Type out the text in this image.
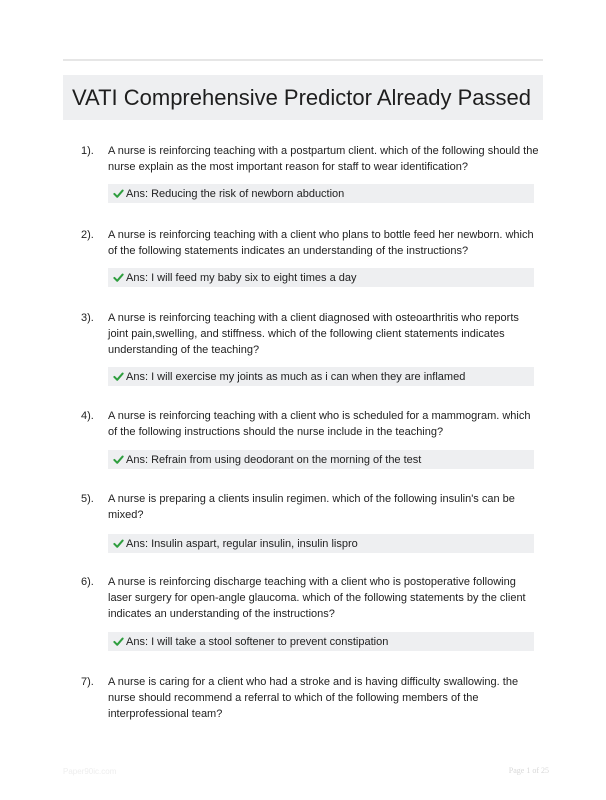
VATI Comprehensive Predictor Already Passed
1). A nurse is reinforcing teaching with a postpartum client. which of the following should the nurse explain as the most important reason for staff to wear identification?

Ans: Reducing the risk of newborn abduction
2). A nurse is reinforcing teaching with a client who plans to bottle feed her newborn. which of the following statements indicates an understanding of the instructions?

Ans: I will feed my baby six to eight times a day
3). A nurse is reinforcing teaching with a client diagnosed with osteoarthritis who reports joint pain,swelling, and stiffness. which of the following client statements indicates understanding of the teaching?

Ans: I will exercise my joints as much as i can when they are inflamed
4). A nurse is reinforcing teaching with a client who is scheduled for a mammogram. which of the following instructions should the nurse include in the teaching?

Ans: Refrain from using deodorant on the morning of the test
5). A nurse is preparing a clients insulin regimen. which of the following insulin's can be mixed?

Ans: Insulin aspart, regular insulin, insulin lispro
6). A nurse is reinforcing discharge teaching with a client who is postoperative following laser surgery for open-angle glaucoma. which of the following statements by the client indicates an understanding of the instructions?

Ans: I will take a stool softener to prevent constipation
7). A nurse is caring for a client who had a stroke and is having difficulty swallowing. the nurse should recommend a referral to which of the following members of the interprofessional team?

Paper90ic.com	Page 1 of 25
